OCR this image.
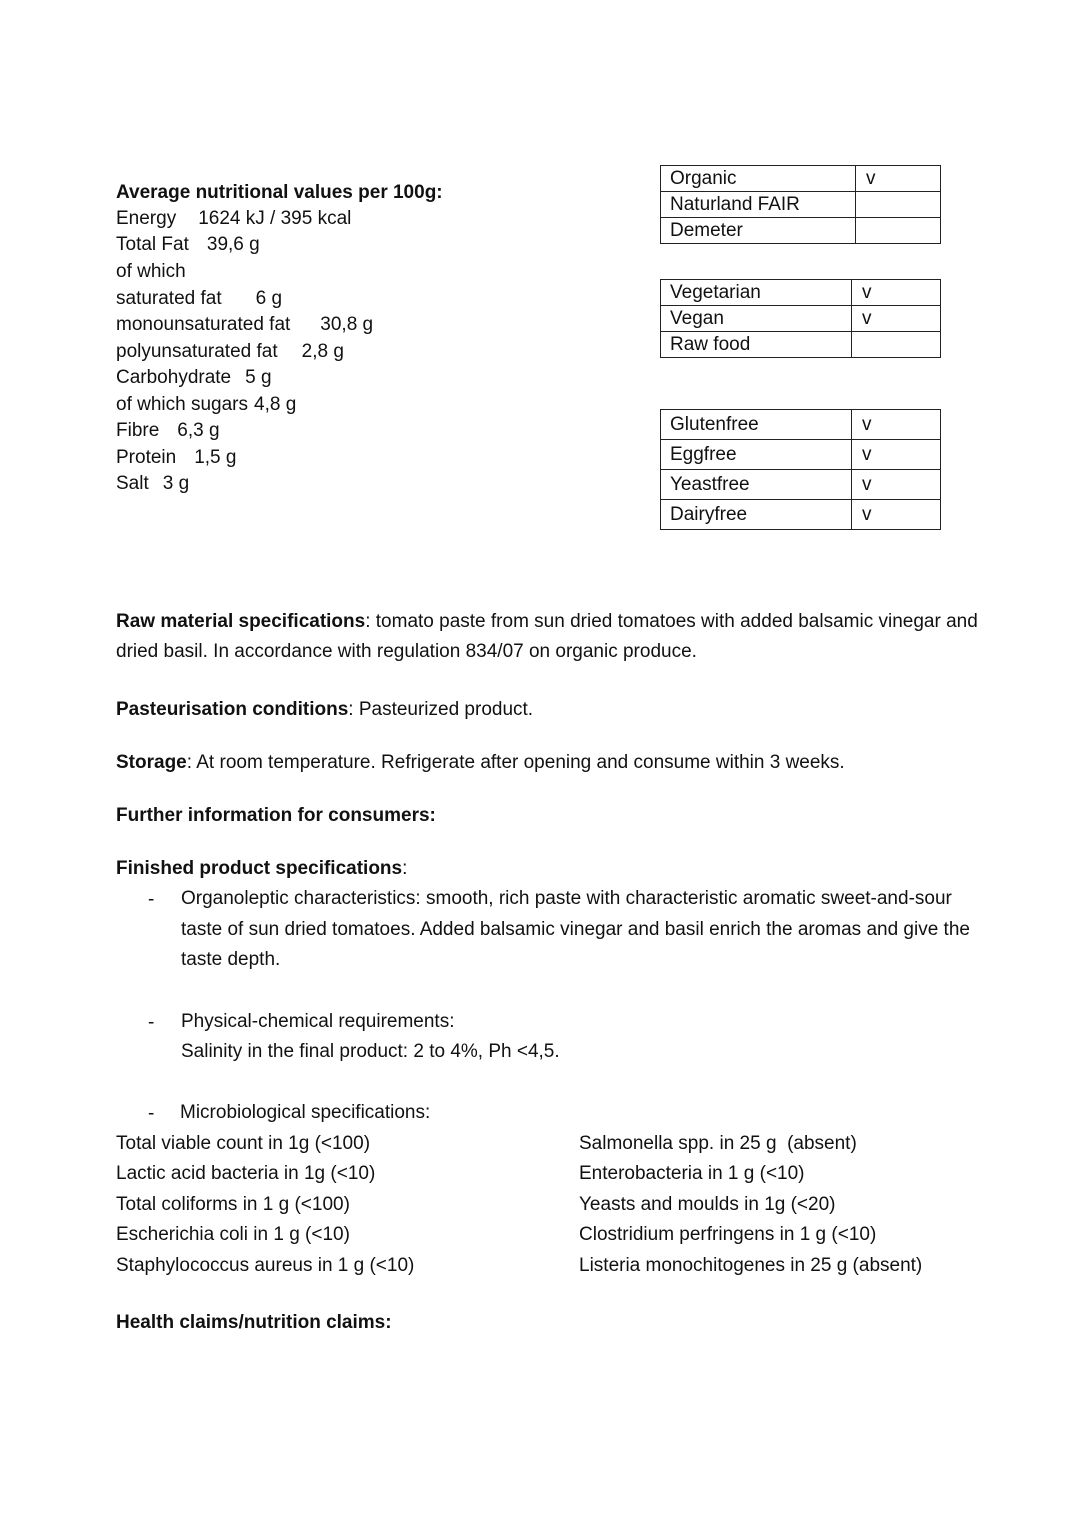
Average nutritional values per 100g:
Energy 1624 kJ / 395 kcal
Total Fat 39,6 g
of which
saturated fat 6 g
monounsaturated fat 30,8 g
polyunsaturated fat 2,8 g
Carbohydrate 5 g
of which sugars 4,8 g
Fibre 6,3 g
Protein 1,5 g
Salt 3 g
Organic	v
Naturland FAIR	
Demeter	
Vegetarian	v
Vegan	v
Raw food	
Glutenfree	v
Eggfree	v
Yeastfree	v
Dairyfree	v
Raw material specifications: tomato paste from sun dried tomatoes with added balsamic vinegar and dried basil. In accordance with regulation 834/07 on organic produce.
Pasteurisation conditions: Pasteurized product.
Storage: At room temperature. Refrigerate after opening and consume within 3 weeks.
Further information for consumers:
Finished product specifications:
- Organoleptic characteristics: smooth, rich paste with characteristic aromatic sweet-and-sour taste of sun dried tomatoes. Added balsamic vinegar and basil enrich the aromas and give the taste depth.
- Physical-chemical requirements:
Salinity in the final product: 2 to 4%, Ph <4,5.
- Microbiological specifications:
Total viable count in 1g (<100)
Lactic acid bacteria in 1g (<10)
Total coliforms in 1 g (<100)
Escherichia coli in 1 g (<10)
Staphylococcus aureus in 1 g (<10)
Salmonella spp. in 25 g  (absent)
Enterobacteria in 1 g (<10)
Yeasts and moulds in 1g (<20)
Clostridium perfringens in 1 g (<10)
Listeria monochitogenes in 25 g (absent)
Health claims/nutrition claims:
